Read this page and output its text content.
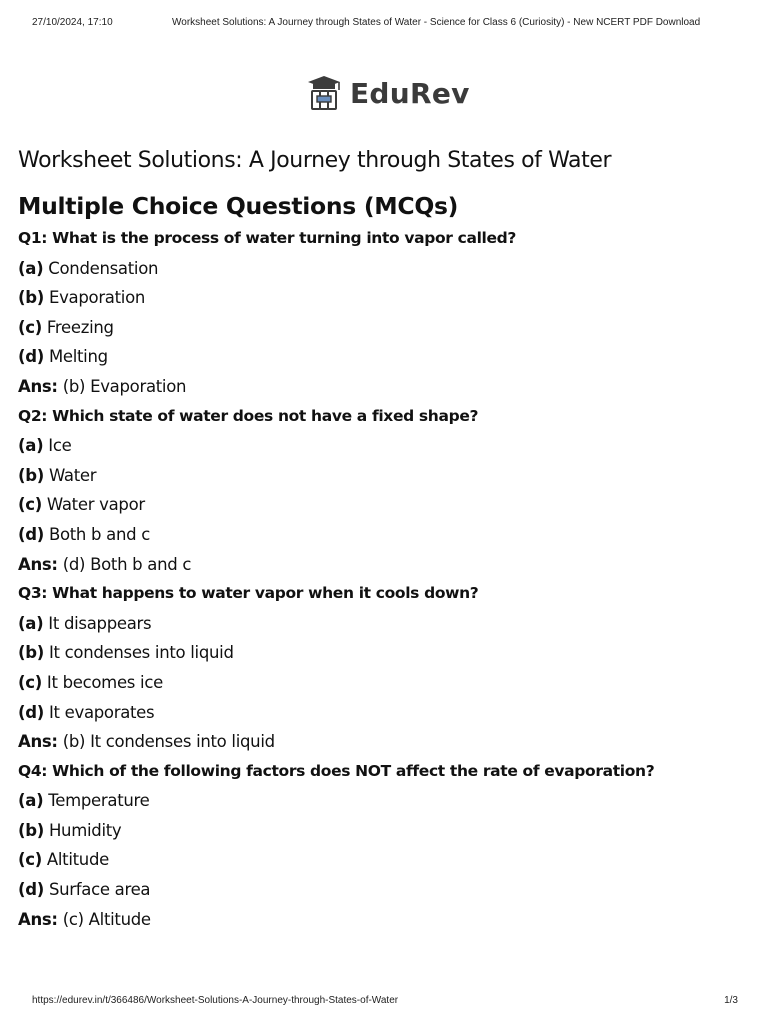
27/10/2024, 17:10	Worksheet Solutions: A Journey through States of Water - Science for Class 6 (Curiosity) - New NCERT PDF Download
EduRev
Worksheet Solutions: A Journey through States of Water
Multiple Choice Questions (MCQs)
Q1: What is the process of water turning into vapor called?
(a) Condensation
(b) Evaporation
(c) Freezing
(d) Melting
Ans: (b) Evaporation
Q2: Which state of water does not have a fixed shape?
(a) Ice
(b) Water
(c) Water vapor
(d) Both b and c
Ans: (d) Both b and c
Q3: What happens to water vapor when it cools down?
(a) It disappears
(b) It condenses into liquid
(c) It becomes ice
(d) It evaporates
Ans: (b) It condenses into liquid
Q4: Which of the following factors does NOT affect the rate of evaporation?
(a) Temperature
(b) Humidity
(c) Altitude
(d) Surface area
Ans: (c) Altitude
https://edurev.in/t/366486/Worksheet-Solutions-A-Journey-through-States-of-Water	1/3
